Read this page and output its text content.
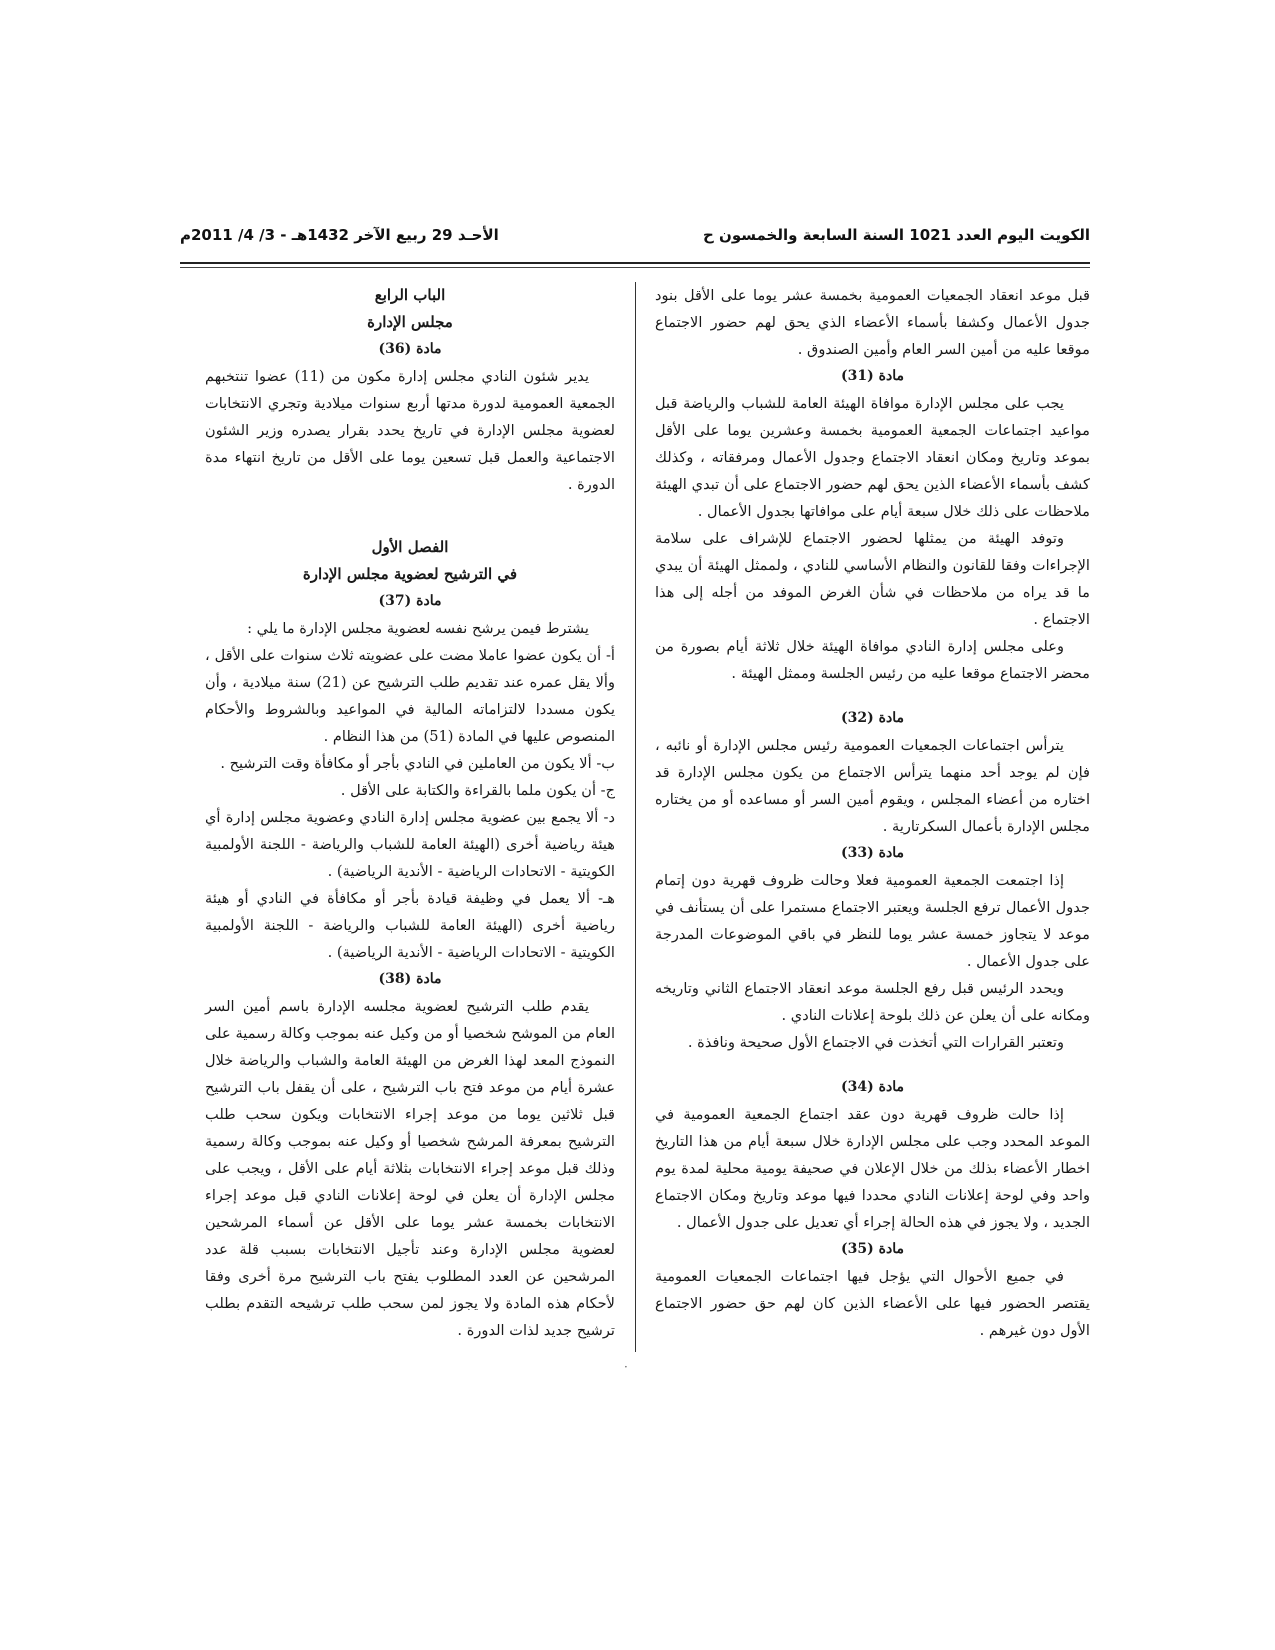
الكويت اليوم العدد 1021 السنة السابعة والخمسون ح
الأحـد 29 ربيع الآخر 1432هـ - 3/ 4/ 2011م

قبل موعد انعقاد الجمعيات العمومية بخمسة عشر يوما على الأقل بنود جدول الأعمال وكشفا بأسماء الأعضاء الذي يحق لهم حضور الاجتماع موقعا عليه من أمين السر العام وأمين الصندوق .

مادة (31)

يجب على مجلس الإدارة موافاة الهيئة العامة للشباب والرياضة قبل مواعيد اجتماعات الجمعية العمومية بخمسة وعشرين يوما على الأقل بموعد وتاريخ ومكان انعقاد الاجتماع وجدول الأعمال ومرفقاته ، وكذلك كشف بأسماء الأعضاء الذين يحق لهم حضور الاجتماع على أن تبدي الهيئة ملاحظات على ذلك خلال سبعة أيام على موافاتها بجدول الأعمال .

وتوفد الهيئة من يمثلها لحضور الاجتماع للإشراف على سلامة الإجراءات وفقا للقانون والنظام الأساسي للنادي ، ولممثل الهيئة أن يبدي ما قد يراه من ملاحظات في شأن الغرض الموفد من أجله إلى هذا الاجتماع .

وعلى مجلس إدارة النادي موافاة الهيئة خلال ثلاثة أيام بصورة من محضر الاجتماع موقعا عليه من رئيس الجلسة وممثل الهيئة .

مادة (32)

يترأس اجتماعات الجمعيات العمومية رئيس مجلس الإدارة أو نائبه ، فإن لم يوجد أحد منهما يترأس الاجتماع من يكون مجلس الإدارة قد اختاره من أعضاء المجلس ، ويقوم أمين السر أو مساعده أو من يختاره مجلس الإدارة بأعمال السكرتارية .

مادة (33)

إذا اجتمعت الجمعية العمومية فعلا وحالت ظروف قهرية دون إتمام جدول الأعمال ترفع الجلسة ويعتبر الاجتماع مستمرا على أن يستأنف في موعد لا يتجاوز خمسة عشر يوما للنظر في باقي الموضوعات المدرجة على جدول الأعمال .

ويحدد الرئيس قبل رفع الجلسة موعد انعقاد الاجتماع الثاني وتاريخه ومكانه على أن يعلن عن ذلك بلوحة إعلانات النادي .

وتعتبر القرارات التي أتخذت في الاجتماع الأول صحيحة ونافذة .

مادة (34)

إذا حالت ظروف قهرية دون عقد اجتماع الجمعية العمومية في الموعد المحدد وجب على مجلس الإدارة خلال سبعة أيام من هذا التاريخ اخطار الأعضاء بذلك من خلال الإعلان في صحيفة يومية محلية لمدة يوم واحد وفي لوحة إعلانات النادي محددا فيها موعد وتاريخ ومكان الاجتماع الجديد ، ولا يجوز في هذه الحالة إجراء أي تعديل على جدول الأعمال .

مادة (35)

في جميع الأحوال التي يؤجل فيها اجتماعات الجمعيات العمومية يقتصر الحضور فيها على الأعضاء الذين كان لهم حق حضور الاجتماع الأول دون غيرهم .

الباب الرابع

مجلس الإدارة

مادة (36)

يدير شئون النادي مجلس إدارة مكون من (11) عضوا تنتخبهم الجمعية العمومية لدورة مدتها أربع سنوات ميلادية وتجري الانتخابات لعضوية مجلس الإدارة في تاريخ يحدد بقرار يصدره وزير الشئون الاجتماعية والعمل قبل تسعين يوما على الأقل من تاريخ انتهاء مدة الدورة .

الفصل الأول

في الترشيح لعضوية مجلس الإدارة

مادة (37)

يشترط فيمن يرشح نفسه لعضوية مجلس الإدارة ما يلي :

أ- أن يكون عضوا عاملا مضت على عضويته ثلاث سنوات على الأقل ، وألا يقل عمره عند تقديم طلب الترشيح عن (21) سنة ميلادية ، وأن يكون مسددا لالتزاماته المالية في المواعيد وبالشروط والأحكام المنصوص عليها في المادة (51) من هذا النظام .

ب- ألا يكون من العاملين في النادي بأجر أو مكافأة وقت الترشيح .

ج- أن يكون ملما بالقراءة والكتابة على الأقل .

د- ألا يجمع بين عضوية مجلس إدارة النادي وعضوية مجلس إدارة أي هيئة رياضية أخرى (الهيئة العامة للشباب والرياضة - اللجنة الأولمبية الكويتية - الاتحادات الرياضية - الأندية الرياضية) .

هـ- ألا يعمل في وظيفة قيادة بأجر أو مكافأة في النادي أو هيئة رياضية أخرى (الهيئة العامة للشباب والرياضة - اللجنة الأولمبية الكويتية - الاتحادات الرياضية - الأندية الرياضية) .

مادة (38)

يقدم طلب الترشيح لعضوية مجلسه الإدارة باسم أمين السر العام من الموشح شخصيا أو من وكيل عنه بموجب وكالة رسمية على النموذج المعد لهذا الغرض من الهيئة العامة والشباب والرياضة خلال عشرة أيام من موعد فتح باب الترشيح ، على أن يقفل باب الترشيح قبل ثلاثين يوما من موعد إجراء الانتخابات ويكون سحب طلب الترشيح بمعرفة المرشح شخصيا أو وكيل عنه بموجب وكالة رسمية وذلك قبل موعد إجراء الانتخابات بثلاثة أيام على الأقل ، ويجب على مجلس الإدارة أن يعلن في لوحة إعلانات النادي قبل موعد إجراء الانتخابات بخمسة عشر يوما على الأقل عن أسماء المرشحين لعضوية مجلس الإدارة وعند تأجيل الانتخابات بسبب قلة عدد المرشحين عن العدد المطلوب يفتح باب الترشيح مرة أخرى وفقا لأحكام هذه المادة ولا يجوز لمن سحب طلب ترشيحه التقدم بطلب ترشيح جديد لذات الدورة .

·
